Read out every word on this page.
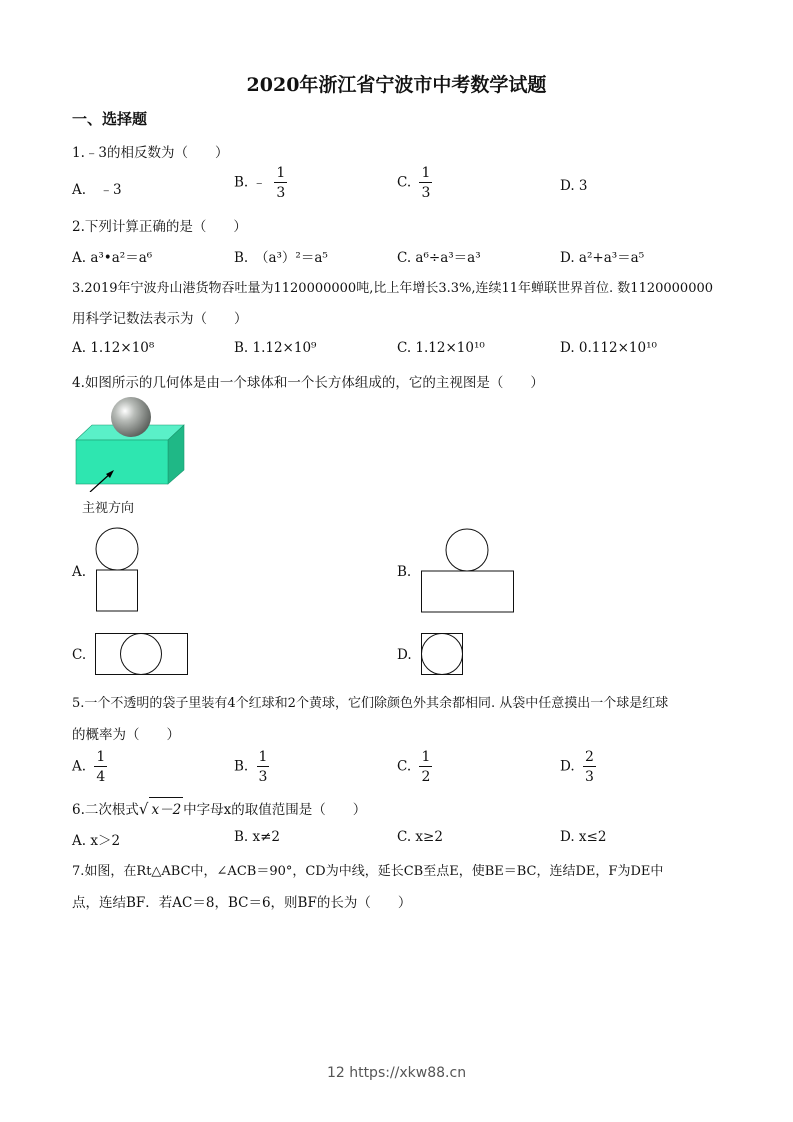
2020年浙江省宁波市中考数学试题
一、选择题
1.﹣3的相反数为（　　）
A.　﹣3	B. ﹣ $\frac{1}{3}$	C. $\frac{1}{3}$	D. 3
2.下列计算正确的是（　　）
A. a³•a²＝a⁶	B.　（a³）²＝a⁵	C. a⁶÷a³＝a³	D. a²+a³＝a⁵
3.2019年宁波舟山港货物吞吐量为1120000000吨,比上年增长3.3%,连续11年蝉联世界首位. 数1120000000
用科学记数法表示为（　　）
A. 1.12×10⁸	B. 1.12×10⁹	C. 1.12×10¹⁰	D. 0.112×10¹⁰
4.如图所示的几何体是由一个球体和一个长方体组成的，它的主视图是（　　）
主视方向
A.	B.
C.	D.
5.一个不透明的袋子里装有4个红球和2个黄球，它们除颜色外其余都相同. 从袋中任意摸出一个球是红球
的概率为（　　）
A. $\frac{1}{4}$	B. $\frac{1}{3}$	C. $\frac{1}{2}$	D. $\frac{2}{3}$
6.二次根式√ x－2 中字母x的取值范围是（　　）
A. x＞2	B. x≠2	C. x≥2	D. x≤2
7.如图，在Rt△ABC中，∠ACB＝90°，CD为中线，延长CB至点E，使BE＝BC，连结DE，F为DE中
点，连结BF．若AC＝8，BC＝6，则BF的长为（　　）
12 https://xkw88.cn
